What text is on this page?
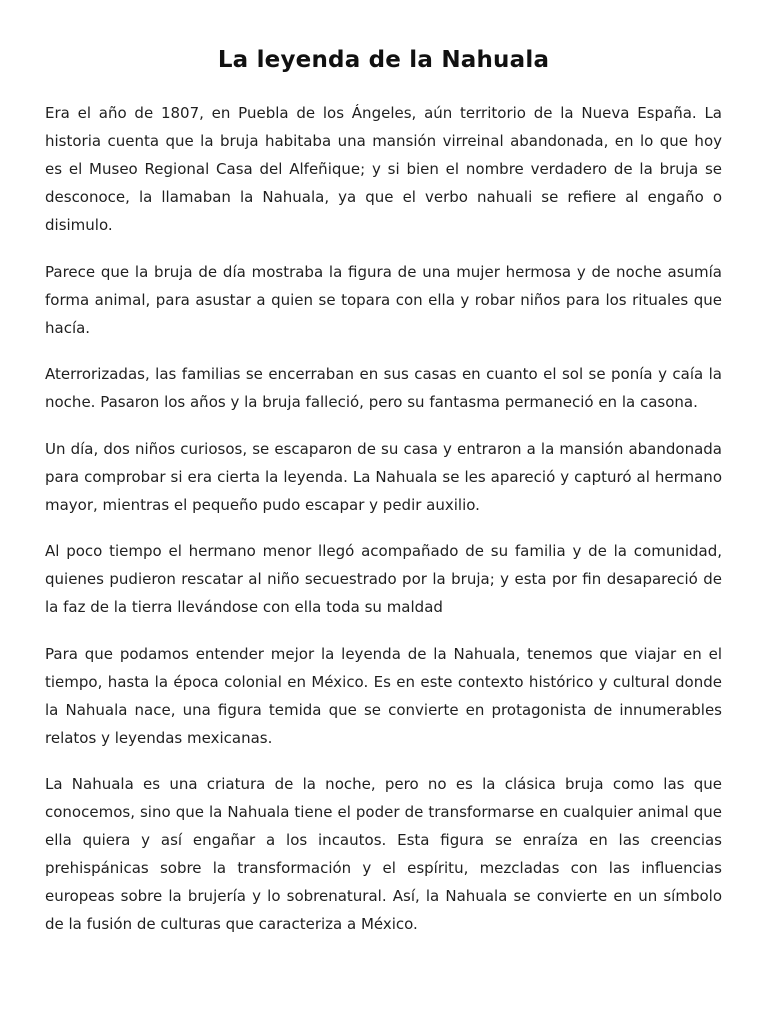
La leyenda de la Nahuala

Era el año de 1807, en Puebla de los Ángeles, aún territorio de la Nueva España. La historia cuenta que la bruja habitaba una mansión virreinal abandonada, en lo que hoy es el Museo Regional Casa del Alfeñique; y si bien el nombre verdadero de la bruja se desconoce, la llamaban la Nahuala, ya que el verbo nahuali se refiere al engaño o disimulo.

Parece que la bruja de día mostraba la figura de una mujer hermosa y de noche asumía forma animal, para asustar a quien se topara con ella y robar niños para los rituales que hacía.

Aterrorizadas, las familias se encerraban en sus casas en cuanto el sol se ponía y caía la noche. Pasaron los años y la bruja falleció, pero su fantasma permaneció en la casona.

Un día, dos niños curiosos, se escaparon de su casa y entraron a la mansión abandonada para comprobar si era cierta la leyenda. La Nahuala se les apareció y capturó al hermano mayor, mientras el pequeño pudo escapar y pedir auxilio.

Al poco tiempo el hermano menor llegó acompañado de su familia y de la comunidad, quienes pudieron rescatar al niño secuestrado por la bruja; y esta por fin desapareció de la faz de la tierra llevándose con ella toda su maldad

Para que podamos entender mejor la leyenda de la Nahuala, tenemos que viajar en el tiempo, hasta la época colonial en México. Es en este contexto histórico y cultural donde la Nahuala nace, una figura temida que se convierte en protagonista de innumerables relatos y leyendas mexicanas.

La Nahuala es una criatura de la noche, pero no es la clásica bruja como las que conocemos, sino que la Nahuala tiene el poder de transformarse en cualquier animal que ella quiera y así engañar a los incautos. Esta figura se enraíza en las creencias prehispánicas sobre la transformación y el espíritu, mezcladas con las influencias europeas sobre la brujería y lo sobrenatural. Así, la Nahuala se convierte en un símbolo de la fusión de culturas que caracteriza a México.
